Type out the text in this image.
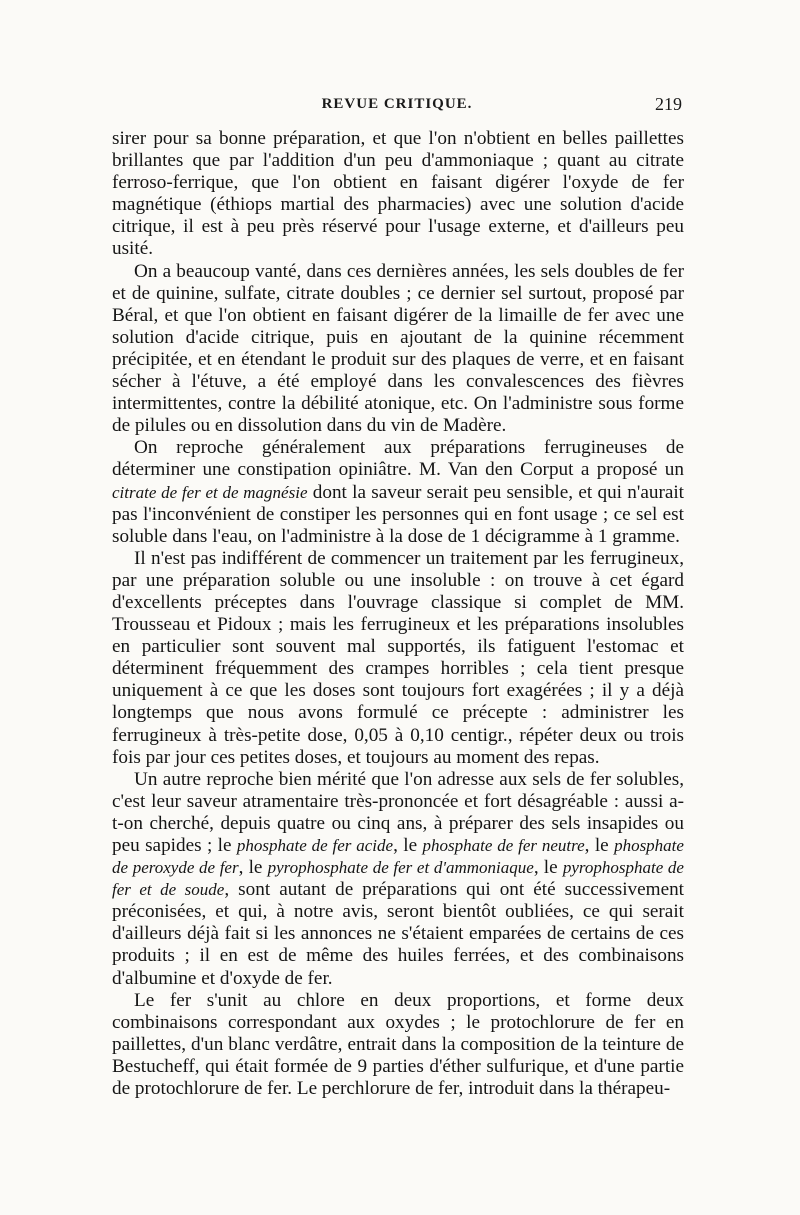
REVUE CRITIQUE.	219

sirer pour sa bonne préparation, et que l'on n'obtient en belles paillettes brillantes que par l'addition d'un peu d'ammoniaque ; quant au citrate ferroso-ferrique, que l'on obtient en faisant digérer l'oxyde de fer magnétique (éthiops martial des pharmacies) avec une solution d'acide citrique, il est à peu près réservé pour l'usage externe, et d'ailleurs peu usité.

On a beaucoup vanté, dans ces dernières années, les sels doubles de fer et de quinine, sulfate, citrate doubles ; ce dernier sel surtout, proposé par Béral, et que l'on obtient en faisant digérer de la limaille de fer avec une solution d'acide citrique, puis en ajoutant de la quinine récemment précipitée, et en étendant le produit sur des plaques de verre, et en faisant sécher à l'étuve, a été employé dans les convalescences des fièvres intermittentes, contre la débilité atonique, etc. On l'administre sous forme de pilules ou en dissolution dans du vin de Madère.

On reproche généralement aux préparations ferrugineuses de déterminer une constipation opiniâtre. M. Van den Corput a proposé un citrate de fer et de magnésie dont la saveur serait peu sensible, et qui n'aurait pas l'inconvénient de constiper les personnes qui en font usage ; ce sel est soluble dans l'eau, on l'administre à la dose de 1 décigramme à 1 gramme.

Il n'est pas indifférent de commencer un traitement par les ferrugineux, par une préparation soluble ou une insoluble : on trouve à cet égard d'excellents préceptes dans l'ouvrage classique si complet de MM. Trousseau et Pidoux ; mais les ferrugineux et les préparations insolubles en particulier sont souvent mal supportés, ils fatiguent l'estomac et déterminent fréquemment des crampes horribles ; cela tient presque uniquement à ce que les doses sont toujours fort exagérées ; il y a déjà longtemps que nous avons formulé ce précepte : administrer les ferrugineux à très-petite dose, 0,05 à 0,10 centigr., répéter deux ou trois fois par jour ces petites doses, et toujours au moment des repas.

Un autre reproche bien mérité que l'on adresse aux sels de fer solubles, c'est leur saveur atramentaire très-prononcée et fort désagréable : aussi a-t-on cherché, depuis quatre ou cinq ans, à préparer des sels insapides ou peu sapides ; le phosphate de fer acide, le phosphate de fer neutre, le phosphate de peroxyde de fer, le pyrophosphate de fer et d'ammoniaque, le pyrophosphate de fer et de soude, sont autant de préparations qui ont été successivement préconisées, et qui, à notre avis, seront bientôt oubliées, ce qui serait d'ailleurs déjà fait si les annonces ne s'étaient emparées de certains de ces produits ; il en est de même des huiles ferrées, et des combinaisons d'albumine et d'oxyde de fer.

Le fer s'unit au chlore en deux proportions, et forme deux combinaisons correspondant aux oxydes ; le protochlorure de fer en paillettes, d'un blanc verdâtre, entrait dans la composition de la teinture de Bestucheff, qui était formée de 9 parties d'éther sulfurique, et d'une partie de protochlorure de fer. Le perchlorure de fer, introduit dans la thérapeu-
